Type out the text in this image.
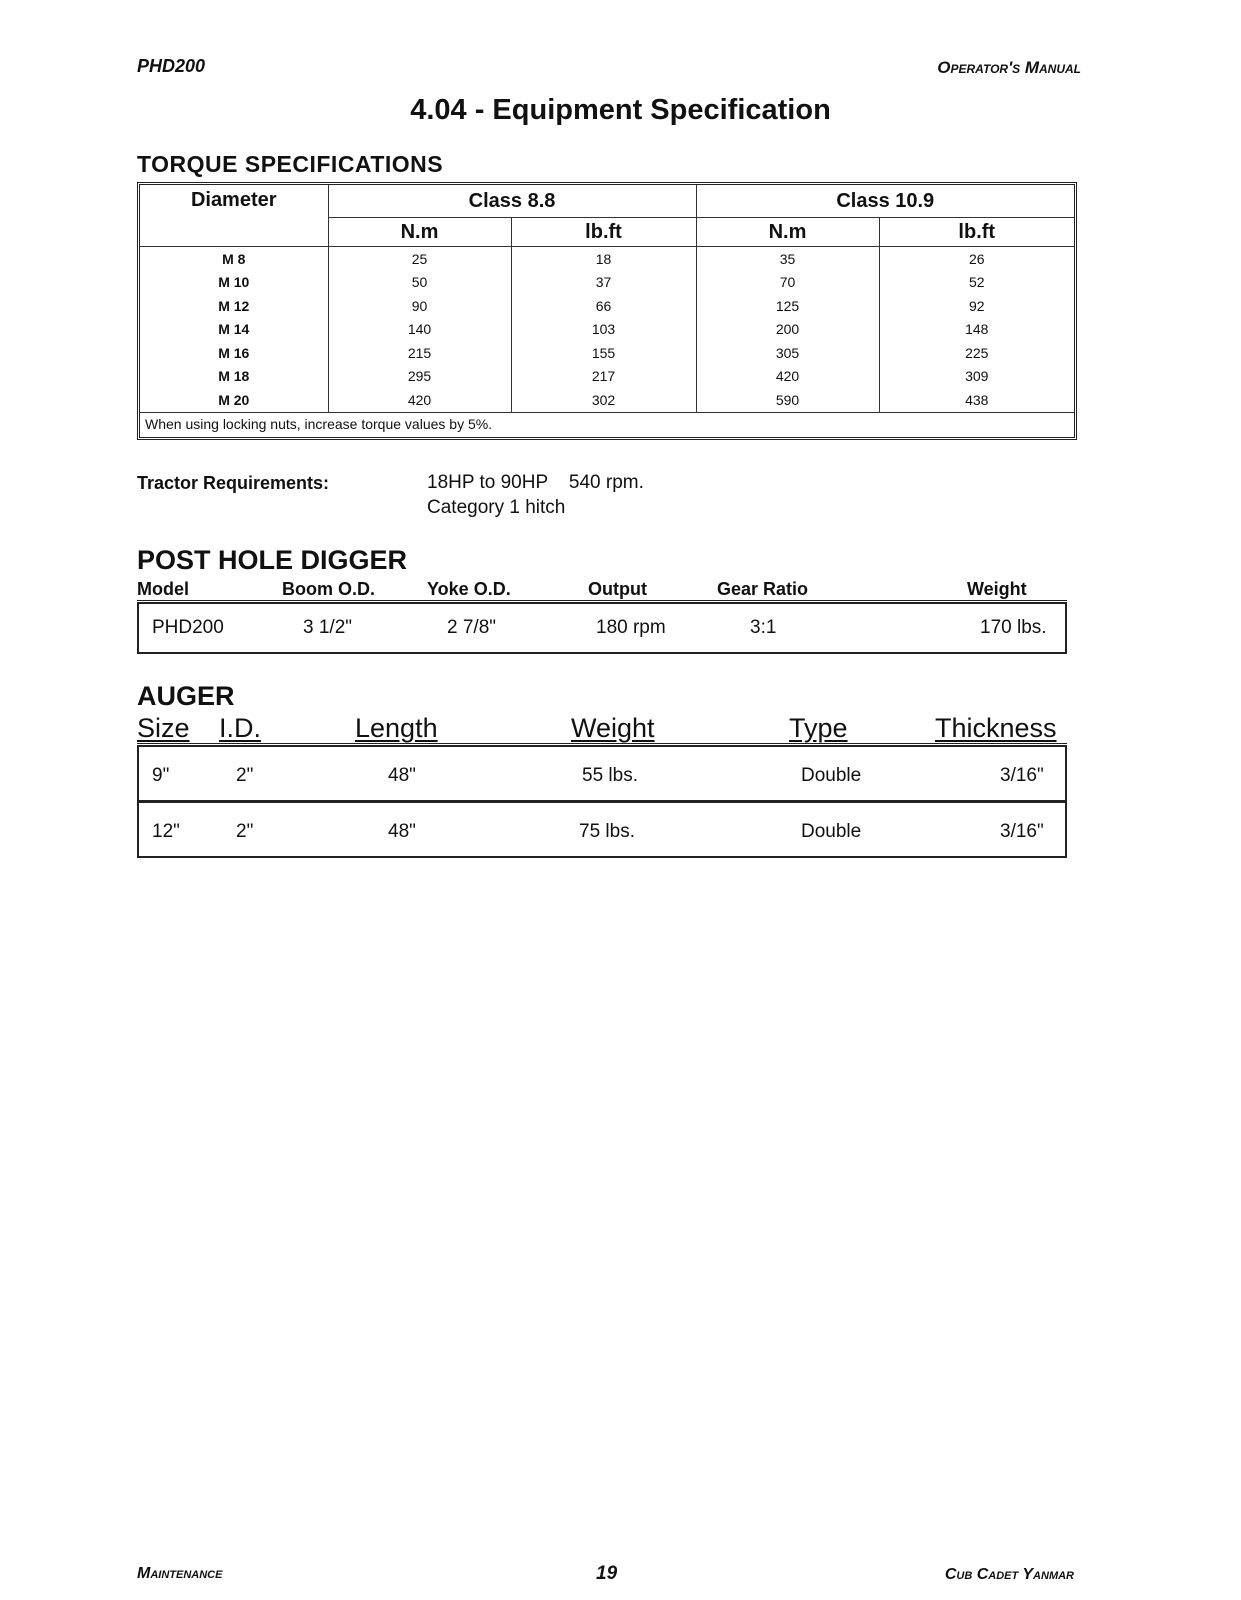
PHD200	Operator's Manual
4.04 - Equipment Specification
TORQUE SPECIFICATIONS
Diameter	Class 8.8		Class 10.9	
	N.m	lb.ft	N.m	lb.ft
M 8	25	18	35	26
M 10	50	37	70	52
M 12	90	66	125	92
M 14	140	103	200	148
M 16	215	155	305	225
M 18	295	217	420	309
M 20	420	302	590	438
When using locking nuts, increase torque values by 5%.				
Tractor Requirements:	18HP to 90HP    540 rpm.
Category 1 hitch
POST HOLE DIGGER
Model	Boom O.D.	Yoke O.D.	Output	Gear Ratio	Weight
PHD200	3 1/2"	2 7/8"	180 rpm	3:1	170 lbs.
AUGER
Size I.D.	Length	Weight	Type	Thickness
9"	2"	48"	55 lbs.	Double	3/16"
12"	2"	48"	75 lbs.	Double	3/16"
Maintenance	19	Cub Cadet Yanmar
